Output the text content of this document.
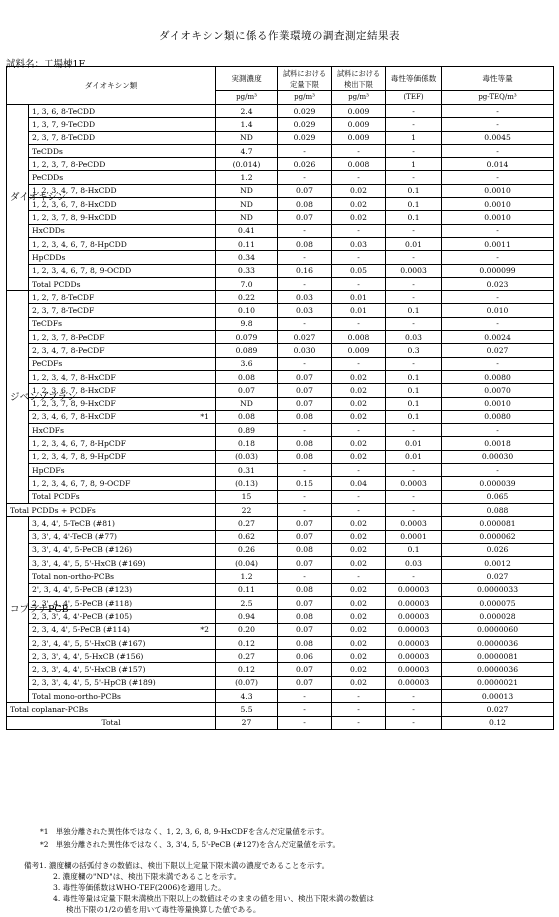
ダイオキシン類に係る作業環境の調査測定結果表
試料名：工場棟1F
ダイオキシン類		実測濃度	試料における定量下限	試料における検出下限	毒性等価係数	毒性等量
		pg/m³	pg/m³	pg/m³	(TEF)	pg-TEQ/m³
ダイオキシン	1, 3, 6, 8-TeCDD	2.4	0.029	0.009	-	-
	1, 3, 7, 9-TeCDD	1.4	0.029	0.009	-	-
	2, 3, 7, 8-TeCDD	ND	0.029	0.009	1	0.0045
	TeCDDs	4.7	-	-	-	-
	1, 2, 3, 7, 8-PeCDD	(0.014)	0.026	0.008	1	0.014
	PeCDDs	1.2	-	-	-	-
	1, 2, 3, 4, 7, 8-HxCDD	ND	0.07	0.02	0.1	0.0010
	1, 2, 3, 6, 7, 8-HxCDD	ND	0.08	0.02	0.1	0.0010
	1, 2, 3, 7, 8, 9-HxCDD	ND	0.07	0.02	0.1	0.0010
	HxCDDs	0.41	-	-	-	-
	1, 2, 3, 4, 6, 7, 8-HpCDD	0.11	0.08	0.03	0.01	0.0011
	HpCDDs	0.34	-	-	-	-
	1, 2, 3, 4, 6, 7, 8, 9-OCDD	0.33	0.16	0.05	0.0003	0.000099
	Total PCDDs	7.0	-	-	-	0.023
ジベンゾフラン	1, 2, 7, 8-TeCDF	0.22	0.03	0.01	-	-
	2, 3, 7, 8-TeCDF	0.10	0.03	0.01	0.1	0.010
	TeCDFs	9.8	-	-	-	-
	1, 2, 3, 7, 8-PeCDF	0.079	0.027	0.008	0.03	0.0024
	2, 3, 4, 7, 8-PeCDF	0.089	0.030	0.009	0.3	0.027
	PeCDFs	3.6	-	-	-	-
	1, 2, 3, 4, 7, 8-HxCDF	0.08	0.07	0.02	0.1	0.0080
	1, 2, 3, 6, 7, 8-HxCDF	0.07	0.07	0.02	0.1	0.0070
	1, 2, 3, 7, 8, 9-HxCDF	ND	0.07	0.02	0.1	0.0010
	2, 3, 4, 6, 7, 8-HxCDF *1	0.08	0.08	0.02	0.1	0.0080
	HxCDFs	0.89	-	-	-	-
	1, 2, 3, 4, 6, 7, 8-HpCDF	0.18	0.08	0.02	0.01	0.0018
	1, 2, 3, 4, 7, 8, 9-HpCDF	(0.03)	0.08	0.02	0.01	0.00030
	HpCDFs	0.31	-	-	-	-
	1, 2, 3, 4, 6, 7, 8, 9-OCDF	(0.13)	0.15	0.04	0.0003	0.000039
	Total PCDFs	15	-	-	-	0.065
Total PCDDs + PCDFs		22	-	-	-	0.088
コプラナPCB	3, 4, 4', 5-TeCB (#81)	0.27	0.07	0.02	0.0003	0.000081
	3, 3', 4, 4'-TeCB (#77)	0.62	0.07	0.02	0.0001	0.000062
	3, 3', 4, 4', 5-PeCB (#126)	0.26	0.08	0.02	0.1	0.026
	3, 3', 4, 4', 5, 5'-HxCB (#169)	(0.04)	0.07	0.02	0.03	0.0012
	Total non-ortho-PCBs	1.2	-	-	-	0.027
	2', 3, 4, 4', 5-PeCB (#123)	0.11	0.08	0.02	0.00003	0.0000033
	2, 3', 4, 4', 5-PeCB (#118)	2.5	0.07	0.02	0.00003	0.000075
	2, 3, 3', 4, 4'-PeCB (#105)	0.94	0.08	0.02	0.00003	0.000028
	2, 3, 4, 4', 5-PeCB (#114) *2	0.20	0.07	0.02	0.00003	0.0000060
	2, 3', 4, 4', 5, 5'-HxCB (#167)	0.12	0.08	0.02	0.00003	0.0000036
	2, 3, 3', 4, 4', 5-HxCB (#156)	0.27	0.06	0.02	0.00003	0.0000081
	2, 3, 3', 4, 4', 5'-HxCB (#157)	0.12	0.07	0.02	0.00003	0.0000036
	2, 3, 3', 4, 4', 5, 5'-HpCB (#189)	(0.07)	0.07	0.02	0.00003	0.0000021
	Total mono-ortho-PCBs	4.3	-	-	-	0.00013
Total coplanar-PCBs		5.5	-	-	-	0.027
Total		27	-	-	-	0.12
*1　単独分離された異性体ではなく、1, 2, 3, 6, 8, 9-HxCDFを含んだ定量値を示す。
*2　単独分離された異性体ではなく、3, 3'4, 5, 5'-PeCB (#127)を含んだ定量値を示す。
備考1. 濃度欄の括弧付きの数値は、検出下限以上定量下限未満の濃度であることを示す。
2. 濃度欄の"ND"は、検出下限未満であることを示す。
3. 毒性等価係数はWHO-TEF(2006)を適用した。
4. 毒性等量は定量下限未満検出下限以上の数値はそのままの値を用い、検出下限未満の数値は
検出下限の1/2の値を用いて毒性等量換算した値である。
